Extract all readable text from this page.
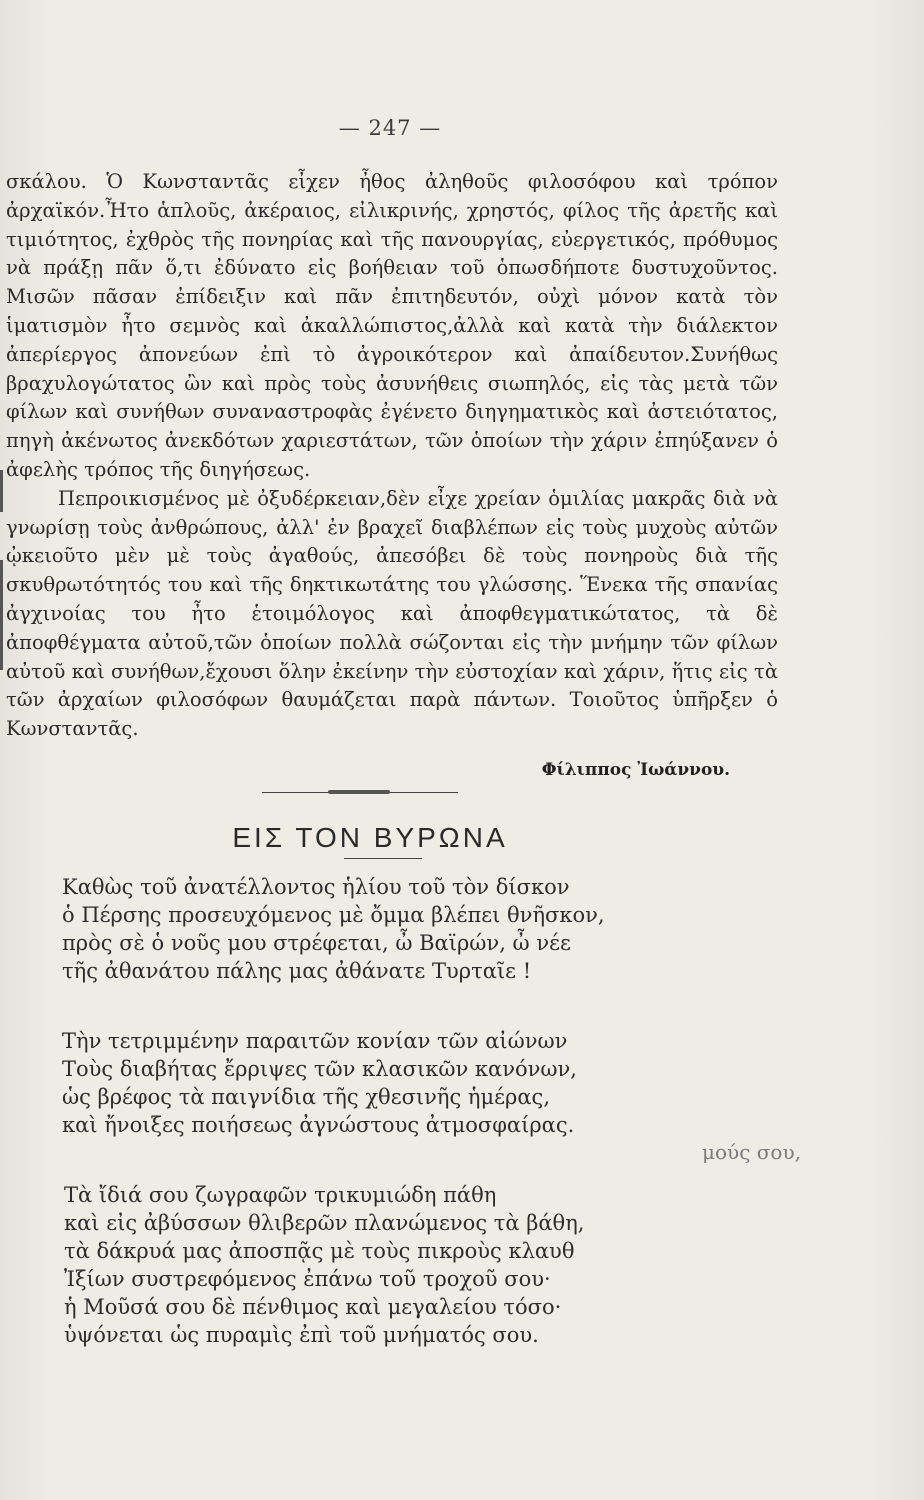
— 247 —

σκάλου. Ὁ Κωνσταντᾶς εἶχεν ἦθος ἀληθοῦς φιλοσόφου καὶ τρόπον ἀρχαϊκόν.Ἦτο ἁπλοῦς, ἀκέραιος, εἰλικρινής, χρηστός, φίλος τῆς ἀρετῆς καὶ τιμιότητος, ἐχθρὸς τῆς πονηρίας καὶ τῆς πανουργίας, εὐεργετικός, πρόθυμος νὰ πράξῃ πᾶν ὅ,τι ἐδύνατο εἰς βοήθειαν τοῦ ὁπωσδήποτε δυστυχοῦντος. Μισῶν πᾶσαν ἐπίδειξιν καὶ πᾶν ἐπιτηδευτόν, οὐχὶ μόνον κατὰ τὸν ἱματισμὸν ἦτο σεμνὸς καὶ ἀκαλλώπιστος,ἀλλὰ καὶ κατὰ τὴν διάλεκτον ἀπερίεργος ἀπονεύων ἐπὶ τὸ ἀγροικότερον καὶ ἀπαίδευτον.Συνήθως βραχυλογώτατος ὢν καὶ πρὸς τοὺς ἀσυνήθεις σιωπηλός, εἰς τὰς μετὰ τῶν φίλων καὶ συνήθων συναναστροφὰς ἐγένετο διηγηματικὸς καὶ ἀστειότατος, πηγὴ ἀκένωτος ἀνεκδότων χαριεστάτων, τῶν ὁποίων τὴν χάριν ἐπηύξανεν ὁ ἀφελὴς τρόπος τῆς διηγήσεως.

Πεπροικισμένος μὲ ὀξυδέρκειαν,δὲν εἶχε χρείαν ὁμιλίας μακρᾶς διὰ νὰ γνωρίσῃ τοὺς ἀνθρώπους, ἀλλ' ἐν βραχεῖ διαβλέπων εἰς τοὺς μυχοὺς αὐτῶν ᾠκειοῦτο μὲν μὲ τοὺς ἀγαθούς, ἀπεσόβει δὲ τοὺς πονηροὺς διὰ τῆς σκυθρωτότητός του καὶ τῆς δηκτικωτάτης του γλώσσης. Ἕνεκα τῆς σπανίας ἀγχινοίας του ἦτο ἑτοιμόλογος καὶ ἀποφθεγματικώτατος, τὰ δὲ ἀποφθέγματα αὐτοῦ,τῶν ὁποίων πολλὰ σώζονται εἰς τὴν μνήμην τῶν φίλων αὐτοῦ καὶ συνήθων,ἔχουσι ὅλην ἐκείνην τὴν εὐστοχίαν καὶ χάριν, ἥτις εἰς τὰ τῶν ἀρχαίων φιλοσόφων θαυμάζεται παρὰ πάντων. Τοιοῦτος ὑπῆρξεν ὁ Κωνσταντᾶς.

Φίλιππος Ἰωάννου.
ΕΙΣ ΤΟΝ ΒΥΡΩΝΑ
Καθὼς τοῦ ἀνατέλλοντος ἡλίου τοῦ τὸν δίσκον
ὁ Πέρσης προσευχόμενος μὲ ὄμμα βλέπει θνῆσκον,
πρὸς σὲ ὁ νοῦς μου στρέφεται, ὦ Βαϊρών, ὦ νέε
τῆς ἀθανάτου πάλης μας ἀθάνατε Τυρταῖε !
Τὴν τετριμμένην παραιτῶν κονίαν τῶν αἰώνων
Τοὺς διαβήτας ἔρριψες τῶν κλασικῶν κανόνων,
ὡς βρέφος τὰ παιγνίδια τῆς χθεσινῆς ἡμέρας,
καὶ ἤνοιξες ποιήσεως ἀγνώστους ἀτμοσφαίρας.
Τὰ ἴδιά σου ζωγραφῶν τρικυμιώδη πάθη
καὶ εἰς ἀβύσσων θλιβερῶν πλανώμενος τὰ βάθη,
τὰ δάκρυά μας ἀποσπᾷς μὲ τοὺς πικροὺς κλαυθ
Ἰξίων συστρεφόμενος ἐπάνω τοῦ τροχοῦ σου·
ἡ Μοῦσά σου δὲ πένθιμος καὶ μεγαλείου τόσο·
ὑψόνεται ὡς πυραμὶς ἐπὶ τοῦ μνήματός σου.
μούς σου,
